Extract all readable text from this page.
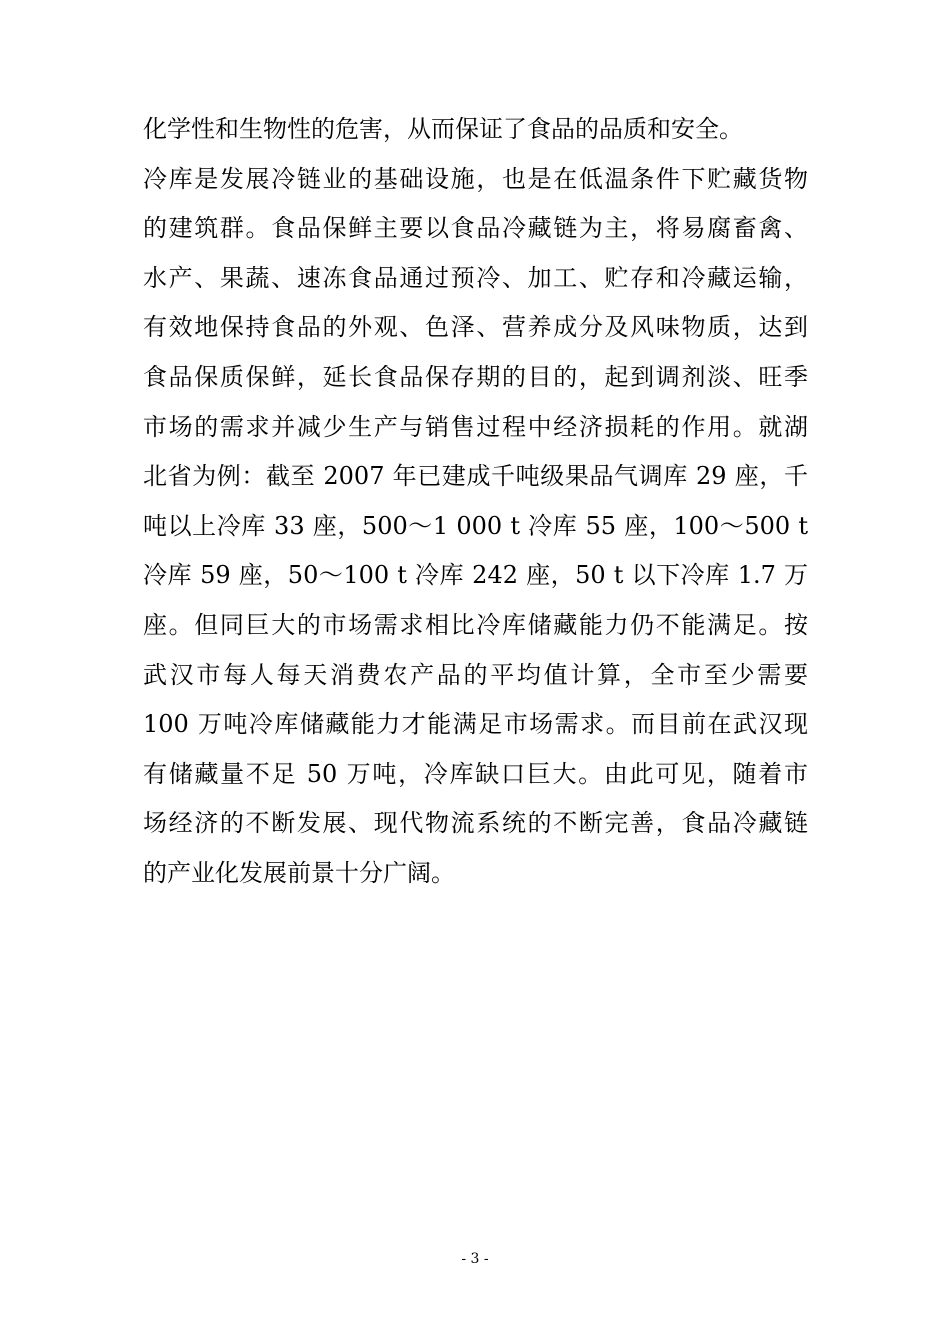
化学性和生物性的危害，从而保证了食品的品质和安全。
冷库是发展冷链业的基础设施，也是在低温条件下贮藏货物
的建筑群。食品保鲜主要以食品冷藏链为主，将易腐畜禽、
水产、果蔬、速冻食品通过预冷、加工、贮存和冷藏运输，
有效地保持食品的外观、色泽、营养成分及风味物质，达到
食品保质保鲜，延长食品保存期的目的，起到调剂淡、旺季
市场的需求并减少生产与销售过程中经济损耗的作用。就湖
北省为例：截至 2007 年已建成千吨级果品气调库 29 座，千
吨以上冷库 33 座，500～1 000 t 冷库 55 座，100～500 t
冷库 59 座，50～100 t 冷库 242 座，50 t 以下冷库 1.7 万
座。但同巨大的市场需求相比冷库储藏能力仍不能满足。按
武汉市每人每天消费农产品的平均值计算，全市至少需要
100 万吨冷库储藏能力才能满足市场需求。而目前在武汉现
有储藏量不足 50 万吨，冷库缺口巨大。由此可见，随着市
场经济的不断发展、现代物流系统的不断完善，食品冷藏链
的产业化发展前景十分广阔。
- 3 -
